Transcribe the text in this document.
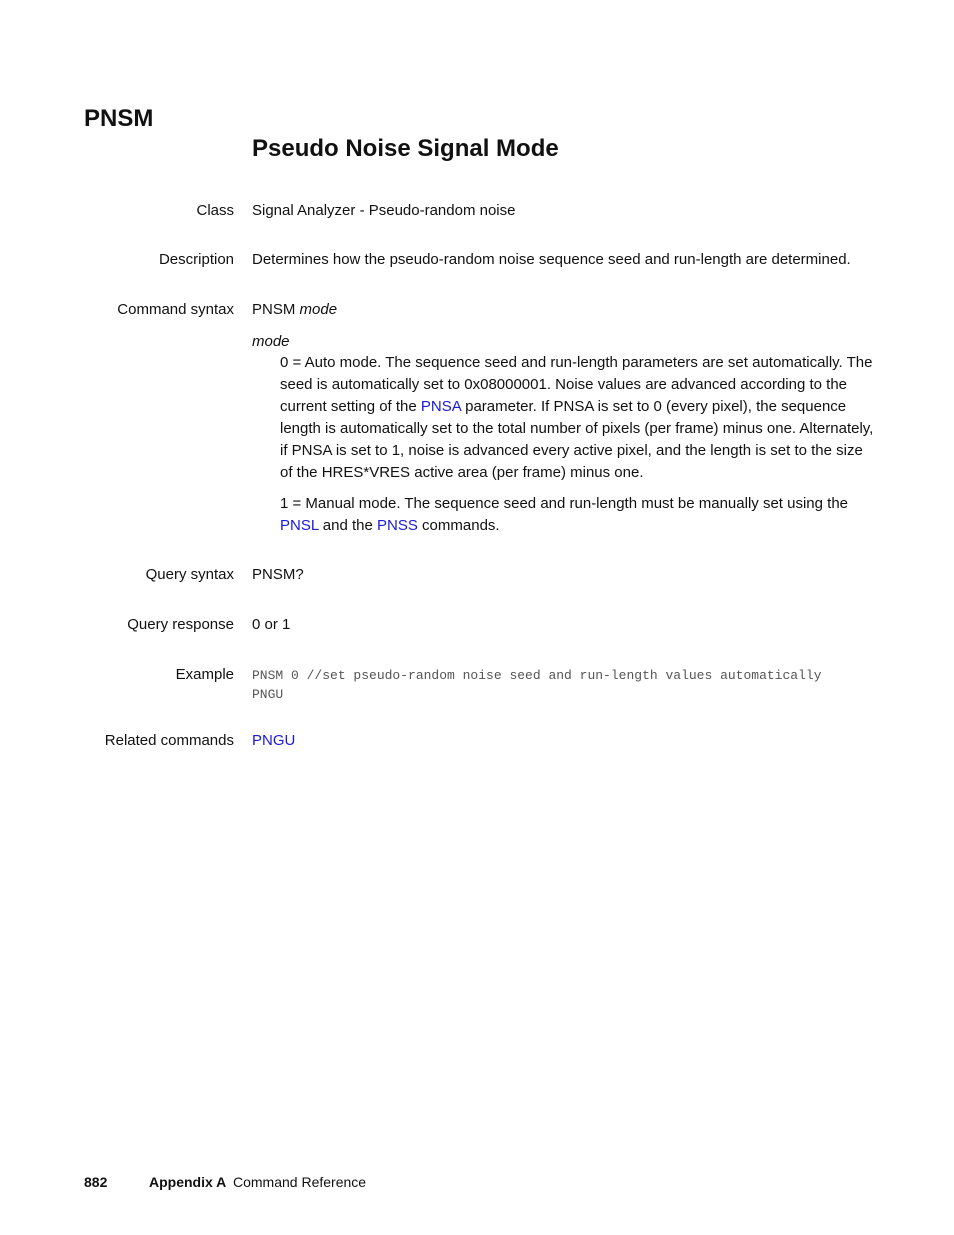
PNSM
Pseudo Noise Signal Mode
Class Signal Analyzer - Pseudo-random noise
Description Determines how the pseudo-random noise sequence seed and run-length are determined.
Command syntax PNSM mode
mode
0 = Auto mode. The sequence seed and run-length parameters are set automatically. The seed is automatically set to 0x08000001. Noise values are advanced according to the current setting of the PNSA parameter. If PNSA is set to 0 (every pixel), the sequence length is automatically set to the total number of pixels (per frame) minus one. Alternately, if PNSA is set to 1, noise is advanced every active pixel, and the length is set to the size of the HRES*VRES active area (per frame) minus one.
1 = Manual mode. The sequence seed and run-length must be manually set using the PNSL and the PNSS commands.
Query syntax PNSM?
Query response 0 or 1
Example PNSM 0 //set pseudo-random noise seed and run-length values automatically
PNGU
Related commands PNGU
882	Appendix A Command Reference
